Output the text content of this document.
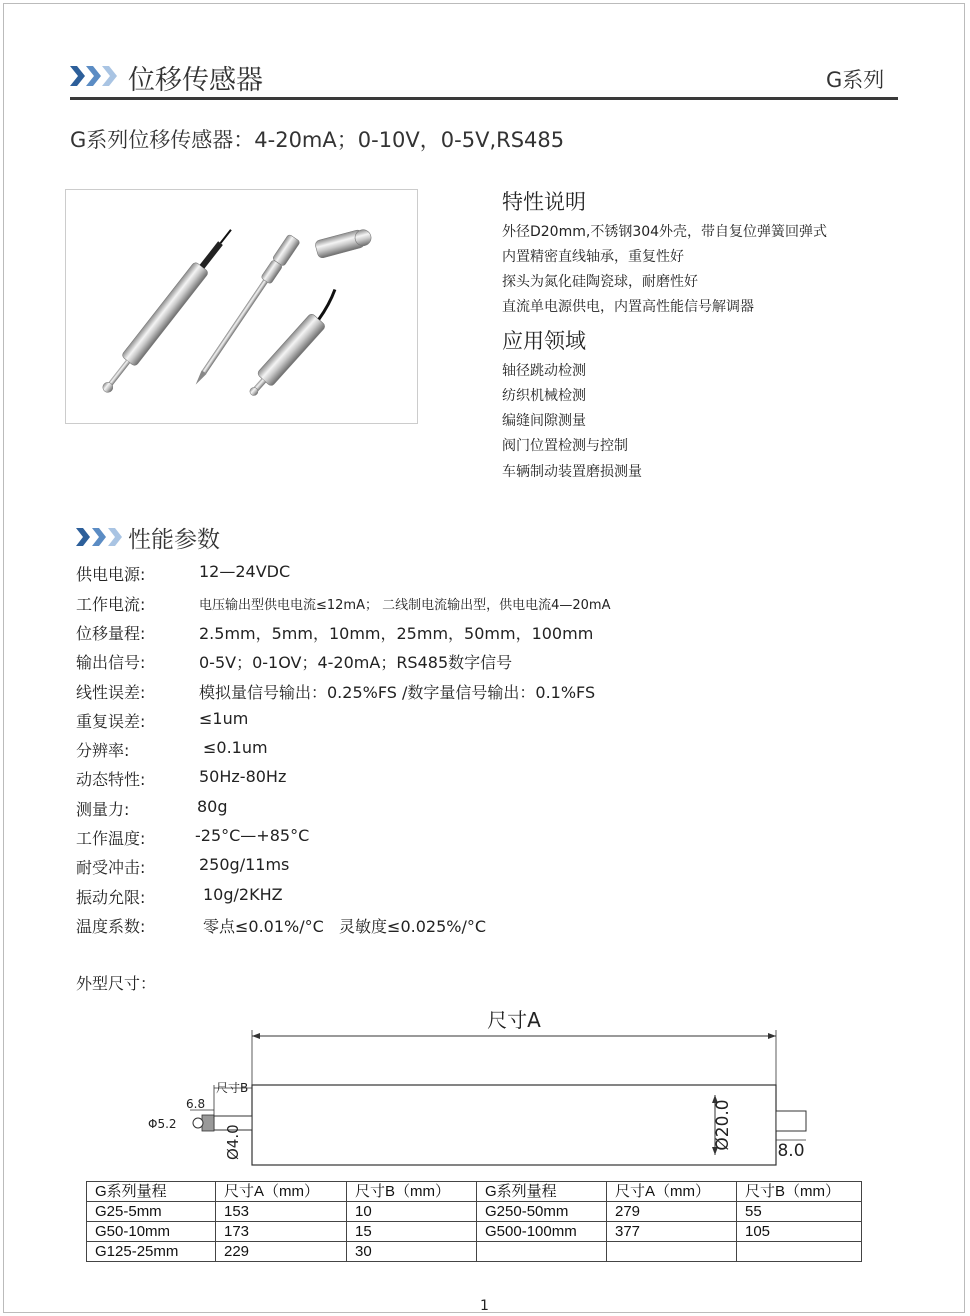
位移传感器	G系列
G系列位移传感器：4-20mA；0-10V，0-5V,RS485
特性说明
外径D20mm,不锈钢304外壳，带自复位弹簧回弹式
内置精密直线轴承，重复性好
探头为氮化硅陶瓷球，耐磨性好
直流单电源供电，内置高性能信号解调器
应用领域
轴径跳动检测
纺织机械检测
编缝间隙测量
阀门位置检测与控制
车辆制动装置磨损测量
性能参数
供电电源:	12—24VDC
工作电流:	电压输出型供电电流≤12mA； 二线制电流输出型，供电电流4—20mA
位移量程:	2.5mm，5mm，10mm，25mm，50mm，100mm
输出信号:	0-5V；0-1OV；4-20mA；RS485数字信号
线性误差:	模拟量信号输出：0.25%FS /数字量信号输出：0.1%FS
重复误差:	≤1um
分辨率:	≤0.1um
动态特性:	50Hz-80Hz
测量力:	80g
工作温度:	-25°C—+85°C
耐受冲击:	250g/11ms
振动允限:	10g/2KHZ
温度系数:	零点≤0.01%/°C   灵敏度≤0.025%/°C
外型尺寸：
尺寸A
Ø20.0
8.0
尺寸B
6.8
Φ5.2
Ø4.0
G系列量程	尺寸A（mm）	尺寸B（mm）	G系列量程	尺寸A（mm）	尺寸B（mm）
G25-5mm	153	10	G250-50mm	279	55
G50-10mm	173	15	G500-100mm	377	105
G125-25mm	229	30			
1
